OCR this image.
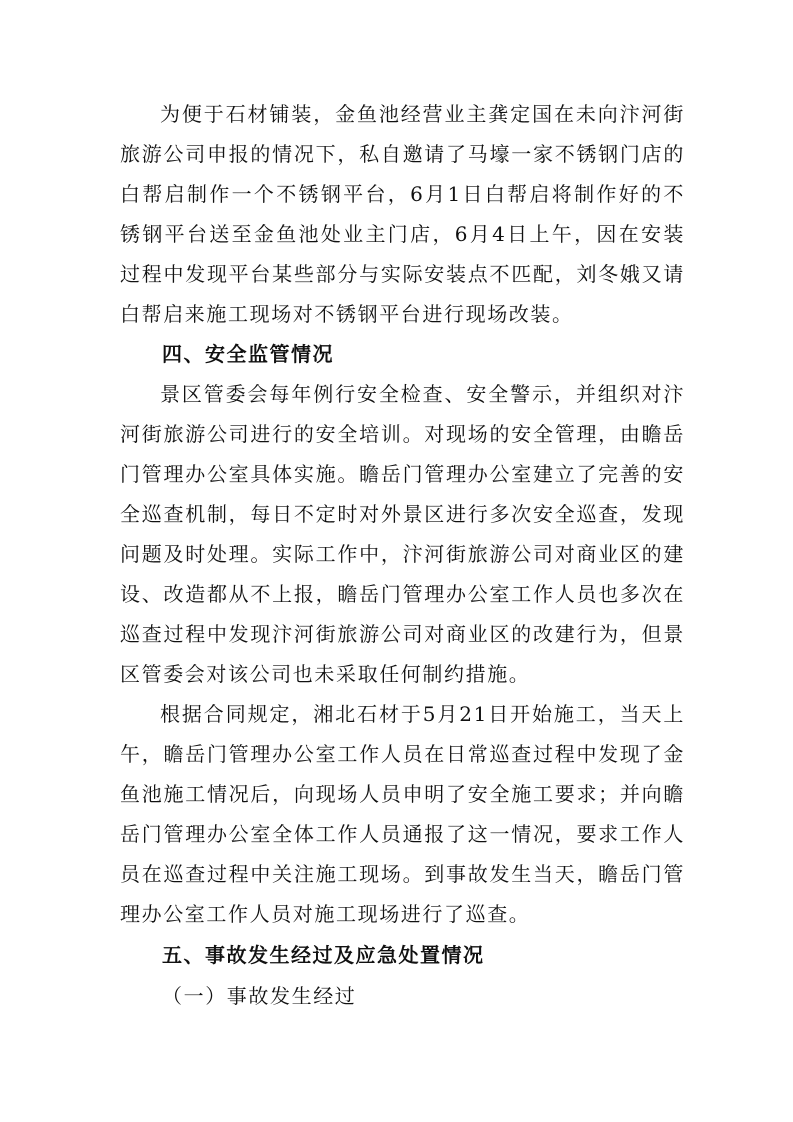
为便于石材铺装，金鱼池经营业主龚定国在未向汴河街旅游公司申报的情况下，私自邀请了马壕一家不锈钢门店的白帮启制作一个不锈钢平台，6月1日白帮启将制作好的不锈钢平台送至金鱼池处业主门店，6月4日上午，因在安装过程中发现平台某些部分与实际安装点不匹配，刘冬娥又请白帮启来施工现场对不锈钢平台进行现场改装。

四、安全监管情况

景区管委会每年例行安全检查、安全警示，并组织对汴河街旅游公司进行的安全培训。对现场的安全管理，由瞻岳门管理办公室具体实施。瞻岳门管理办公室建立了完善的安全巡查机制，每日不定时对外景区进行多次安全巡查，发现问题及时处理。实际工作中，汴河街旅游公司对商业区的建设、改造都从不上报，瞻岳门管理办公室工作人员也多次在巡查过程中发现汴河街旅游公司对商业区的改建行为，但景区管委会对该公司也未采取任何制约措施。

根据合同规定，湘北石材于5月21日开始施工，当天上午，瞻岳门管理办公室工作人员在日常巡查过程中发现了金鱼池施工情况后，向现场人员申明了安全施工要求；并向瞻岳门管理办公室全体工作人员通报了这一情况，要求工作人员在巡查过程中关注施工现场。到事故发生当天，瞻岳门管理办公室工作人员对施工现场进行了巡查。

五、事故发生经过及应急处置情况

（一）事故发生经过
